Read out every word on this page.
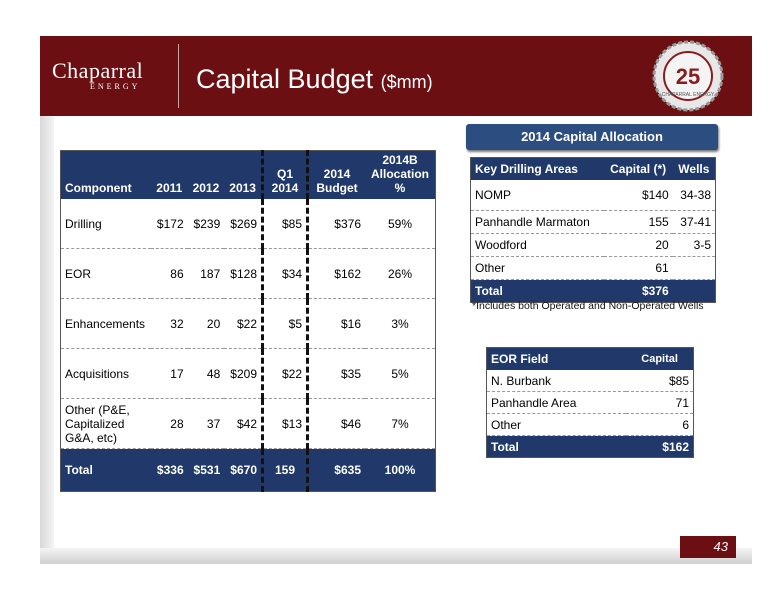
Chaparral
ENERGY Capital Budget ($mm)	25
CHAPARRAL ENERGY
Component	2011	2012	2013	Q1 2014	2014 Budget	2014B Allocation %
Drilling	$172	$239	$269	$85	$376	59%
EOR	86	187	$128	$34	$162	26%
Enhancements	32	20	$22	$5	$16	3%
Acquisitions	17	48	$209	$22	$35	5%
Other (P&E, Capitalized G&A, etc)	28	37	$42	$13	$46	7%
Total	$336	$531	$670	159	$635	100%
2014 Capital Allocation
Key Drilling Areas	Capital (*)	Wells
NOMP	$140	34-38
Panhandle Marmaton	155	37-41
Woodford	20	3-5
Other	61	
Total	$376	
*Includes both Operated and Non-Operated Wells
EOR Field	Capital
N. Burbank	$85
Panhandle Area	71
Other	6
Total	$162
43
